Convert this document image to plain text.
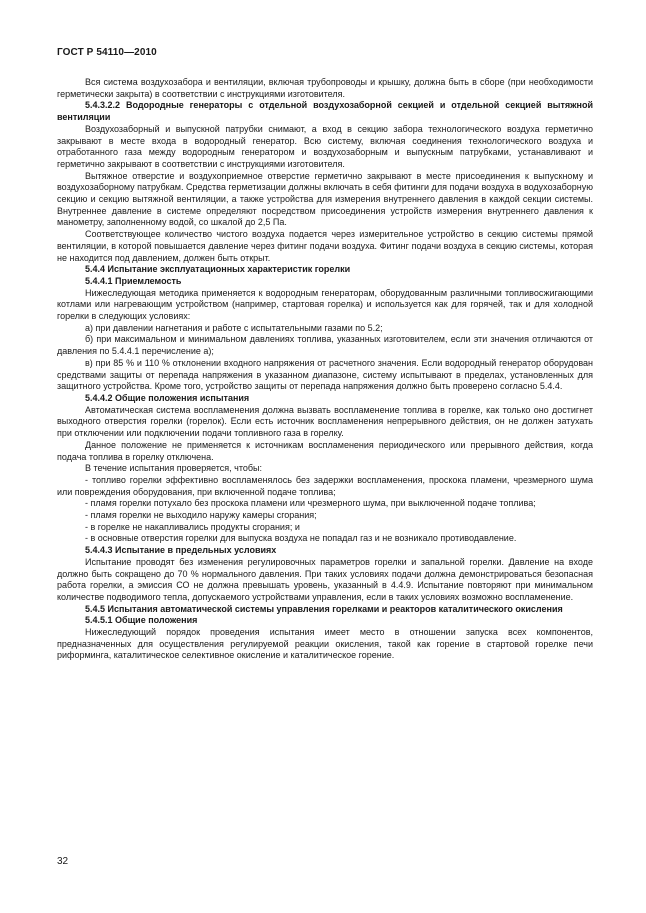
ГОСТ Р 54110—2010

Вся система воздухозабора и вентиляции, включая трубопроводы и крышку, должна быть в сборе (при необходимости герметически закрыта) в соответствии с инструкциями изготовителя.

5.4.3.2.2 Водородные генераторы с отдельной воздухозаборной секцией и отдельной секцией вытяжной вентиляции

Воздухозаборный и выпускной патрубки снимают, а вход в секцию забора технологического воздуха герметично закрывают в месте входа в водородный генератор. Всю систему, включая соединения технологического воздуха и отработанного газа между водородным генератором и воздухозаборным и выпускным патрубками, устанавливают и герметично закрывают в соответствии с инструкциями изготовителя.

Вытяжное отверстие и воздухоприемное отверстие герметично закрывают в месте присоединения к выпускному и воздухозаборному патрубкам. Средства герметизации должны включать в себя фитинги для подачи воздуха в водухозаборную секцию и секцию вытяжной вентиляции, а также устройства для измерения внутреннего давления в каждой секции системы. Внутреннее давление в системе определяют посредством присоединения устройств измерения внутреннего давления к манометру, заполненному водой, со шкалой до 2,5 Па.

Соответствующее количество чистого воздуха подается через измерительное устройство в секцию системы прямой вентиляции, в которой повышается давление через фитинг подачи воздуха. Фитинг подачи воздуха в секцию системы, которая не находится под давлением, должен быть открыт.

5.4.4 Испытание эксплуатационных характеристик горелки

5.4.4.1 Приемлемость

Нижеследующая методика применяется к водородным генераторам, оборудованным различными топливосжигающими котлами или нагревающим устройством (например, стартовая горелка) и используется как для горячей, так и для холодной горелки в следующих условиях:

а) при давлении нагнетания и работе с испытательными газами по 5.2;

б) при максимальном и минимальном давлениях топлива, указанных изготовителем, если эти значения отличаются от давления по 5.4.4.1 перечисление а);

в) при 85 % и 110 % отклонении входного напряжения от расчетного значения. Если водородный генератор оборудован средствами защиты от перепада напряжения в указанном диапазоне, систему испытывают в пределах, установленных для защитного устройства. Кроме того, устройство защиты от перепада напряжения должно быть проверено согласно 5.4.4.

5.4.4.2 Общие положения испытания

Автоматическая система воспламенения должна вызвать воспламенение топлива в горелке, как только оно достигнет выходного отверстия горелки (горелок). Если есть источник воспламенения непрерывного действия, он не должен затухать при отключении или подключении подачи топливного газа в горелку.

Данное положение не применяется к источникам воспламенения периодического или прерывного действия, когда подача топлива в горелку отключена.

В течение испытания проверяется, чтобы:

- топливо горелки эффективно воспламенялось без задержки воспламенения, проскока пламени, чрезмерного шума или повреждения оборудования, при включенной подаче топлива;

- пламя горелки потухало без проскока пламени или чрезмерного шума, при выключенной подаче топлива;

- пламя горелки не выходило наружу камеры сгорания;

- в горелке не накапливались продукты сгорания; и

- в основные отверстия горелки для выпуска воздуха не попадал газ и не возникало противодавление.

5.4.4.3 Испытание в предельных условиях

Испытание проводят без изменения регулировочных параметров горелки и запальной горелки. Давление на входе должно быть сокращено до 70 % нормального давления. При таких условиях подачи должна демонстрироваться безопасная работа горелки, а эмиссия СО не должна превышать уровень, указанный в 4.4.9. Испытание повторяют при минимальном количестве подводимого тепла, допускаемого устройствами управления, если в таких условиях возможно воспламенение.

5.4.5 Испытания автоматической системы управления горелками и реакторов каталитического окисления

5.4.5.1 Общие положения

Нижеследующий порядок проведения испытания имеет место в отношении запуска всех компонентов, предназначенных для осуществления регулируемой реакции окисления, такой как горение в стартовой горелке печи риформинга, каталитическое селективное окисление и каталитическое горение.

32
